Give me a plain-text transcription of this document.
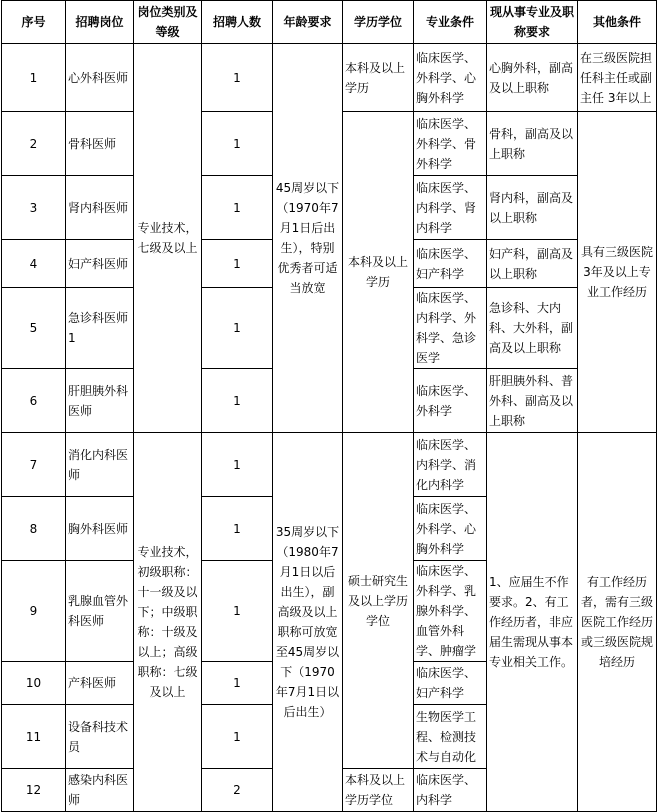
序号	招聘岗位	岗位类别及等级	招聘人数	年龄要求	学历学位	专业条件	现从事专业及职称要求	其他条件
1	心外科医师	专业技术，七级及以上	1	45周岁以下（1970年7月1日后出生），特别优秀者可适当放宽	本科及以上学历	临床医学、外科学、心胸外科学	心胸外科，副高及以上职称	在三级医院担任科主任或副主任 3年以上
2	骨科医师		1		本科及以上学历	临床医学、外科学、骨外科学	骨科，副高及以上职称	具有三级医院3年及以上专业工作经历
3	肾内科医师		1			临床医学、内科学、肾内科学	肾内科，副高及以上职称	
4	妇产科医师		1			临床医学、妇产科学	妇产科，副高及以上职称	
5	急诊科医师1		1			临床医学、内科学、外科学、急诊医学	急诊科、大内科、大外科，副高及以上职称	
6	肝胆胰外科医师		1			临床医学、外科学	肝胆胰外科、普外科、副高及以上职称	
7	消化内科医师	专业技术，初级职称：十一级及以下；中级职称：十级及以上；高级职称：七级及以上	1	35周岁以下（1980年7月1日以后出生），副高级及以上职称可放宽至45周岁以下（1970年7月1日以后出生）	硕士研究生及以上学历学位	临床医学、内科学、消化内科学	1、应届生不作要求。2、有工作经历者，非应届生需现从事本专业相关工作。	有工作经历者，需有三级医院工作经历或三级医院规培经历
8	胸外科医师		1			临床医学、外科学、心胸外科学		
9	乳腺血管外科医师		1			临床医学、外科学、乳腺外科学、血管外科学、肿瘤学		
10	产科医师		1			临床医学、妇产科学		
11	设备科技术员		1			生物医学工程、检测技术与自动化		
12	感染内科医师		2		本科及以上学历学位	临床医学、内科学		
